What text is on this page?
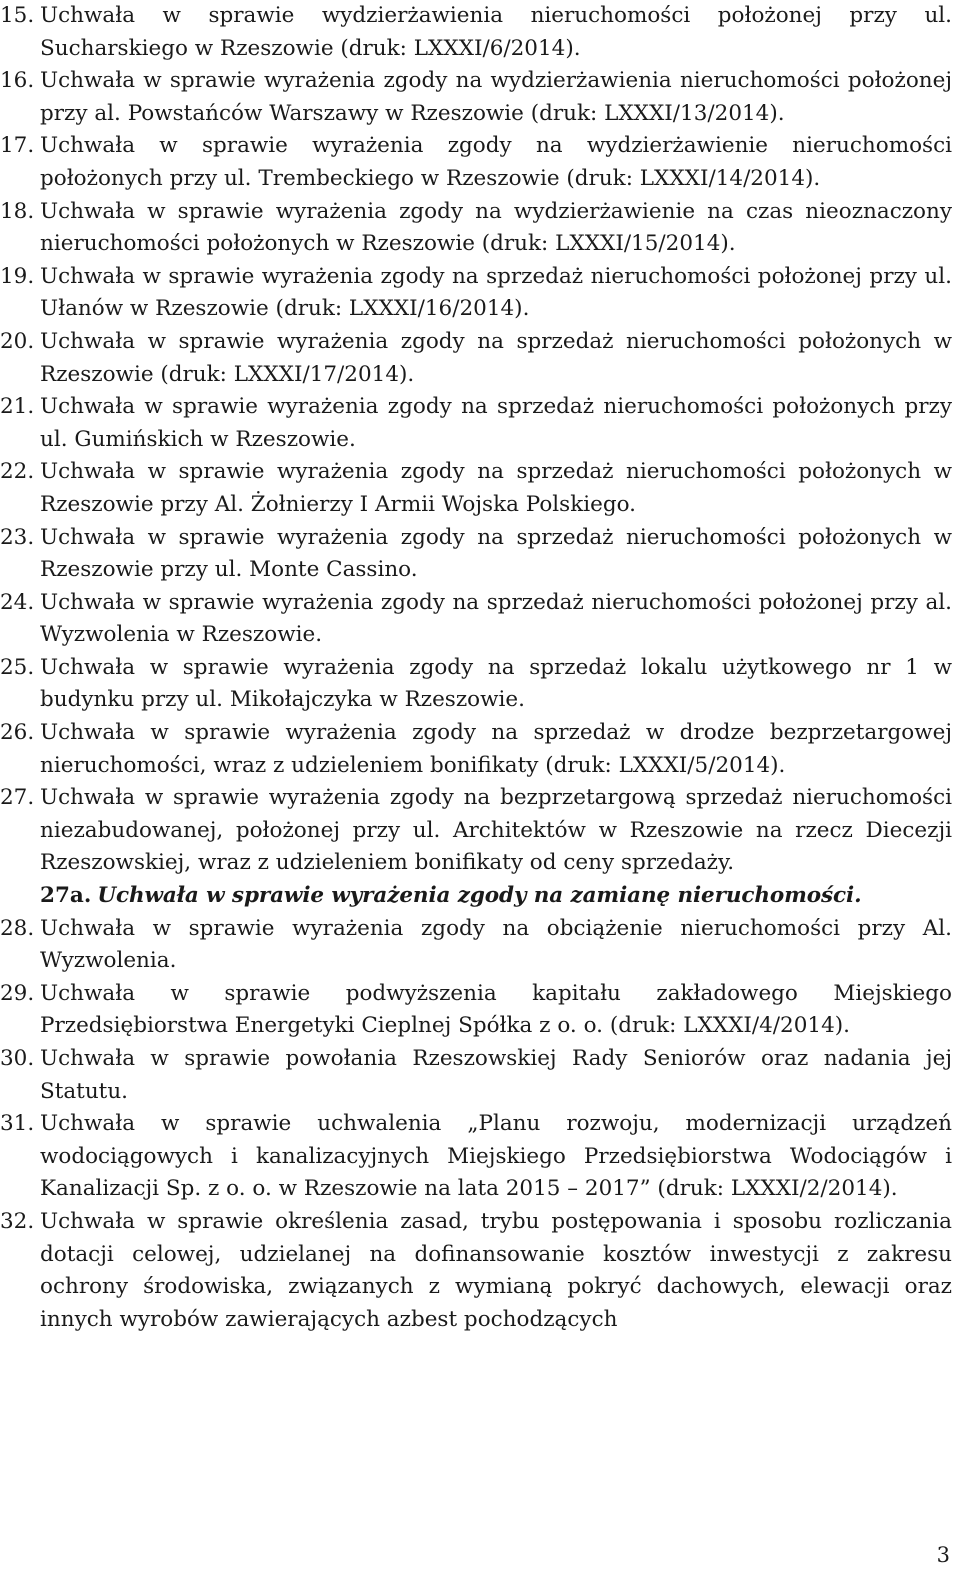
15. Uchwała w sprawie wydzierżawienia nieruchomości położonej przy ul. Sucharskiego w Rzeszowie (druk: LXXXI/6/2014).
16. Uchwała w sprawie wyrażenia zgody na wydzierżawienia nieruchomości położonej przy al. Powstańców Warszawy w Rzeszowie (druk: LXXXI/13/2014).
17. Uchwała w sprawie wyrażenia zgody na wydzierżawienie nieruchomości położonych przy ul. Trembeckiego w Rzeszowie (druk: LXXXI/14/2014).
18. Uchwała w sprawie wyrażenia zgody na wydzierżawienie na czas nieoznaczony nieruchomości położonych w Rzeszowie (druk: LXXXI/15/2014).
19. Uchwała w sprawie wyrażenia zgody na sprzedaż nieruchomości położonej przy ul. Ułanów w Rzeszowie (druk: LXXXI/16/2014).
20. Uchwała w sprawie wyrażenia zgody na sprzedaż nieruchomości położonych w Rzeszowie (druk: LXXXI/17/2014).
21. Uchwała w sprawie wyrażenia zgody na sprzedaż nieruchomości położonych przy ul. Gumińskich w Rzeszowie.
22. Uchwała w sprawie wyrażenia zgody na sprzedaż nieruchomości położonych w Rzeszowie przy Al. Żołnierzy I Armii Wojska Polskiego.
23. Uchwała w sprawie wyrażenia zgody na sprzedaż nieruchomości położonych w Rzeszowie przy ul. Monte Cassino.
24. Uchwała w sprawie wyrażenia zgody na sprzedaż nieruchomości położonej przy al. Wyzwolenia w Rzeszowie.
25. Uchwała w sprawie wyrażenia zgody na sprzedaż lokalu użytkowego nr 1 w budynku przy ul. Mikołajczyka w Rzeszowie.
26. Uchwała w sprawie wyrażenia zgody na sprzedaż w drodze bezprzetargowej nieruchomości, wraz z udzieleniem bonifikaty (druk: LXXXI/5/2014).
27. Uchwała w sprawie wyrażenia zgody na bezprzetargową sprzedaż nieruchomości niezabudowanej, położonej przy ul. Architektów w Rzeszowie na rzecz Diecezji Rzeszowskiej, wraz z udzieleniem bonifikaty od ceny sprzedaży.
27a. Uchwała w sprawie wyrażenia zgody na zamianę nieruchomości.
28. Uchwała w sprawie wyrażenia zgody na obciążenie nieruchomości przy Al. Wyzwolenia.
29. Uchwała w sprawie podwyższenia kapitału zakładowego Miejskiego Przedsiębiorstwa Energetyki Cieplnej Spółka z o. o. (druk: LXXXI/4/2014).
30. Uchwała w sprawie powołania Rzeszowskiej Rady Seniorów oraz nadania jej Statutu.
31. Uchwała w sprawie uchwalenia „Planu rozwoju, modernizacji urządzeń wodociągowych i kanalizacyjnych Miejskiego Przedsiębiorstwa Wodociągów i Kanalizacji Sp. z o. o. w Rzeszowie na lata 2015 – 2017” (druk: LXXXI/2/2014).
32. Uchwała w sprawie określenia zasad, trybu postępowania i sposobu rozliczania dotacji celowej, udzielanej na dofinansowanie kosztów inwestycji z zakresu ochrony środowiska, związanych z wymianą pokryć dachowych, elewacji oraz innych wyrobów zawierających azbest pochodzących
3
